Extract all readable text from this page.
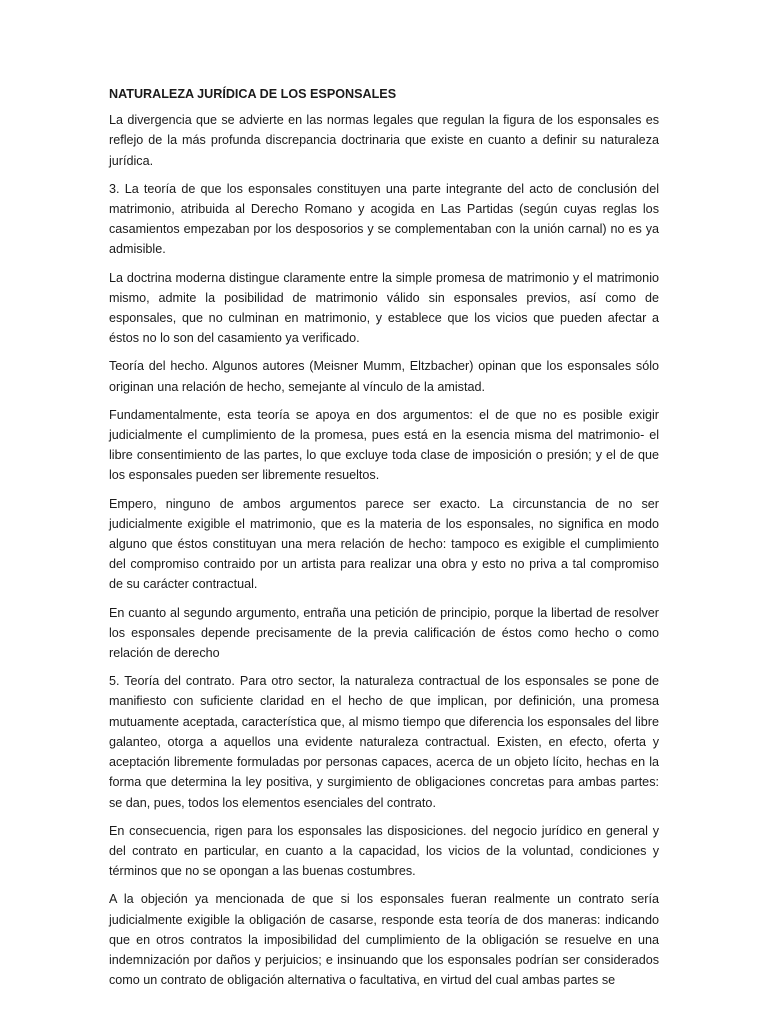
NATURALEZA JURÍDICA DE LOS ESPONSALES

La divergencia que se advierte en las normas legales que regulan la figura de los esponsales es reflejo de la más profunda discrepancia doctrinaria que existe en cuanto a definir su naturaleza jurídica.

3. La teoría de que los esponsales constituyen una parte integrante del acto de conclusión del matrimonio, atribuida al Derecho Romano y acogida en Las Partidas (según cuyas reglas los casamientos empezaban por los desposorios y se complementaban con la unión carnal) no es ya admisible.

La doctrina moderna distingue claramente entre la simple promesa de matrimonio y el matrimonio mismo, admite la posibilidad de matrimonio válido sin esponsales previos, así como de esponsales, que no culminan en matrimonio, y establece que los vicios que pueden afectar a éstos no lo son del casamiento ya verificado.

Teoría del hecho. Algunos autores (Meisner Mumm, Eltzbacher) opinan que los esponsales sólo originan una relación de hecho, semejante al vínculo de la amistad.

Fundamentalmente, esta teoría se apoya en dos argumentos: el de que no es posible exigir judicialmente el cumplimiento de la promesa, pues está en la esencia misma del matrimonio- el libre consentimiento de las partes, lo que excluye toda clase de imposición o presión; y el de que los esponsales pueden ser libremente resueltos.

Empero, ninguno de ambos argumentos parece ser exacto. La circunstancia de no ser judicialmente exigible el matrimonio, que es la materia de los esponsales, no significa en modo alguno que éstos constituyan una mera relación de hecho: tampoco es exigible el cumplimiento del compromiso contraido por un artista para realizar una obra y esto no priva a tal compromiso de su carácter contractual.

En cuanto al segundo argumento, entraña una petición de principio, porque la libertad de resolver los esponsales depende precisamente de la previa calificación de éstos como hecho o como relación de derecho

5. Teoría del contrato. Para otro sector, la naturaleza contractual de los esponsales se pone de manifiesto con suficiente claridad en el hecho de que implican, por definición, una promesa mutuamente aceptada, característica que, al mismo tiempo que diferencia los esponsales del libre galanteo, otorga a aquellos una evidente naturaleza contractual. Existen, en efecto, oferta y aceptación libremente formuladas por personas capaces, acerca de un objeto lícito, hechas en la forma que determina la ley positiva, y surgimiento de obligaciones concretas para ambas partes: se dan, pues, todos los elementos esenciales del contrato.

En consecuencia, rigen para los esponsales las disposiciones. del negocio jurídico en general y del contrato en particular, en cuanto a la capacidad, los vicios de la voluntad, condiciones y términos que no se opongan a las buenas costumbres.

A la objeción ya mencionada de que si los esponsales fueran realmente un contrato sería judicialmente exigible la obligación de casarse, responde esta teoría de dos maneras: indicando que en otros contratos la imposibilidad del cumplimiento de la obligación se resuelve en una indemnización por daños y perjuicios; e insinuando que los esponsales podrían ser considerados como un contrato de obligación alternativa o facultativa, en virtud del cual ambas partes se
